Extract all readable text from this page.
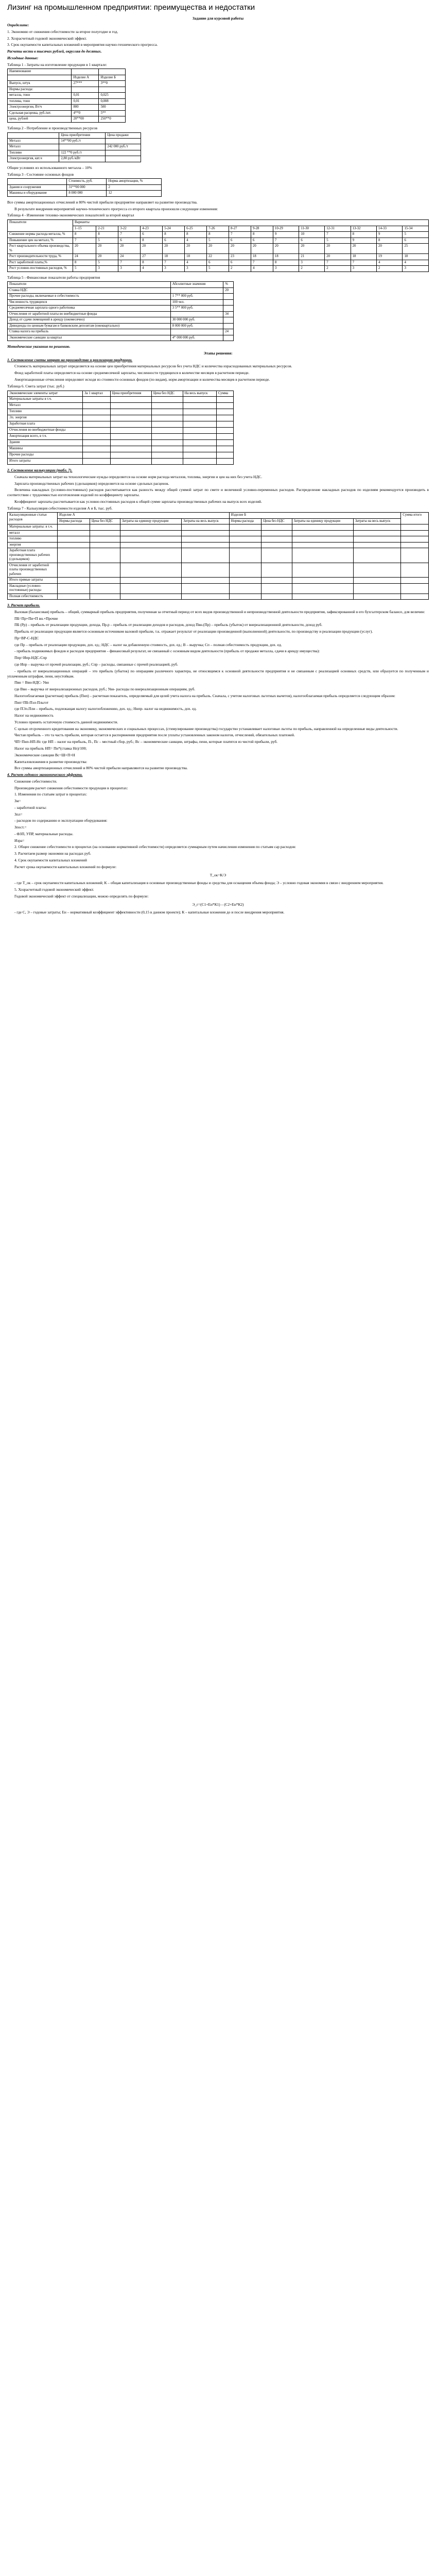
Лизинг на промышленном предприятии: преимущества и недостатки

Задание для курсовой работы

Определите:

1. Экономию от снижения себестоимости за второе полугодие и год.

2. Хозрасчетный годовой экономический эффект.

3. Срок окупаемости капитальных вложений в мероприятия научно-технического прогресса.

Расчеты вести в тысячах рублей, округляя до десятых.

Исходные данные:

Таблица 1 - Затраты на изготовление продукции в 1 квартале:

Наименование		
	Изделие А	Изделие Б
Выпуск, штук	27***	3**0
Нормы расхода:		
металла, тонн	0,01	0,025
топлива, тонн	0,01	0,008
Электроэнергии, Вт/ч	800	500
Сдельная расценка, руб./шт.	4**0	5**
цена, рублей	20**00	250**0

Таблица 2 - Потребление и производственных ресурсов

	Цена приобретения	Цена продажи
Металл	14**00 руб./т	
Металл		242 000 руб./т
Топливо	122 **0 руб./т	
Электроэнергия, квт.ч	2,80 руб./кВт	

Общие условиях из использованного металла – 10%

Таблица 3 - Состояние основных фондов

	Стоимость, руб.	Норма амортизации, %
Здания и сооружения	31**00 000	2
Машины и оборудование	8 000 000	12

Все суммы амортизационных отчислений и 80% чистой прибыли предприятие направляет на развитие производства.

В результате внедрения мероприятий научно-технического прогресса со второго квартала произошли следующие изменения:

Таблица 4 - Изменение технико-экономических показателей за второй квартал

Показатели	Варианты														
	1–15	2-21	3-22	4-23	5-24	6-25	7-26	8-27	9-28	10-29	11-30	12-31	13-32	14-33	15-34
Снижение нормы расхода металла, %	8	8	7	6	8	8	8	7	8	9	10	7	8	9	5
Повышение цен на металл, %	7	5	6	8	6	4	5	6	6	7	6	5	9	8	6
Рост квартального объема производства, %	20	20	20	20	20	20	20	20	20	20	20	20	20	20	25
Рост производительности труда, %	24	20	24	27	18	18	22	23	18	18	21	20	18	19	18
Рост заработной платы,%	8	5	7	8	7	4	6	6	7	8	3	7	7	4	4
Рост условно-постоянных расходов, %	5	3	3	4	3	3	5	2	4	3	2	2	3	2	3

Таблица 5 - Финансовые показатели работы предприятия

Показатели	Абсолютные значения	%
Ставка НДС		20
Прочие расходы, включаемые в себестоимость	1 7** 000 руб.	
Численность трудящихся	100 чел.	
Среднемесячная зарплата одного работника	3 5** 000 руб.	
Отчисления от заработной платы во внебюджетные фонды		34
Доход от сдачи помещений в аренду (ежемесячно)	30 000 000 руб.	
Дивиденды по ценным бумагам и банковским депозитам (ежеквартально)	8 000 000 руб.	
Ставка налога на прибыль		24
Экономические санкции за квартал	4* 000 000 руб.	

Методические указания по решению.

Этапы решения:

1. Составление сметы затрат на производство и реализацию продукции.

Стоимость материальных затрат определяется на основе цен приобретения материальных ресурсов без учета НДС и количества израсходованных материальных ресурсов.

Фонд заработной платы определяется на основе среднемесячной зарплаты, численности трудящихся в количестве месяцев в расчетном периоде.

Амортизационные отчисления определяют исходя из стоимости основных фондов (по видам), норм амортизации и количества месяцев в расчетном периоде.

Таблица 6. Смета затрат (тыс. руб.)

Экономические элементы затрат	За 1 квартал	Цена приобретения	Цена без НДС	На весь выпуск	Сумма
Материальные затраты в т.ч.					
Металл					
Топливо					
Эл. энергия					
Заработная плата					
Отчисления во внебюджетные фонды					
Амортизация всего, в т.ч.					
Здания					
Машины					
Прочие расходы					
Итого затраты					

2. Составление калькуляции (табл. 7).

Сначала материальных затрат на технологические нужды определяется на основе норм расхода металлов, топлива, энергии и цен на них без учета НДС.

Зарплата производственных рабочих (сдельщиков) определяется на основе сдельных расценок.

Величина накладных (условно-постоянных) расходов рассчитывается как разность между общей суммой затрат по смете и величиной условно-переменных расходов. Распределение накладных расходов по изделиям рекомендуется производить в соответствии с трудоемкостью изготовления изделий по коэффициенту зарплаты.

Коэффициент зарплаты рассчитывается как условно-постоянных расходов к общей сумме зарплаты производственных рабочих на выпуск всех изделий.

Таблица 7 - Калькуляция себестоимости изделия А и Б, тыс. руб.

Калькуляционные статьи расходов	Изделие А				Изделие Б				Сумма итого
	Нормы расхода	Цена без НДС	Затраты на единицу продукции	Затраты на весь выпуск	Нормы расхода	Цена без НДС	Затраты на единицу продукции	Затраты на весь выпуск	
Материальные затраты: в т.ч.									
металл									
топливо									
энергия									
Заработная плата производственных рабочих (сдельщиков)									
Отчисления от заработной платы производственных рабочих									
Итого прямые затраты									
Накладные (условно-постоянные) расходы									
Полная себестоимость									

3. Расчет прибыли.

Валовая (балансовая) прибыль – общий, суммарный прибыль предприятия, полученная за отчетный период от всех видов производственной и непроизводственной деятельности предприятия, зафиксированной в его бухгалтерском балансе, для величин:

ПБ=Пр+Пи+П вн.+Прочие

ПБ (Рр) – прибыль от реализации продукции, дохода, Пр.р – прибыль от реализации доходов и расходов, доход Пвн.(Пр) – прибыль (убыток) от внереализационной деятельности, доход руб.

Прибыль от реализации продукции является основным источником валовой прибыли, т.к. отражает результат от реализации произведенной (выполненной) деятельности, по производству и реализации продукции (услуг).

Пр=ВР-С-НДС

где Пр – прибыль от реализации продукции, дох. ед.; НДС – налог на добавленную стоимость, дох. ед.; В – выручка; Сп – полная себестоимость продукции, дох. ед.

- прибыль подвижимых фондов и расходов предприятия – финансовый результат, не связанный с основным видом деятельности (прибыль от продажи металла, сдачи в аренду имущества):

Ппр=Ипр-НДС-Спр

где Ипр – выручка от прочей реализации, руб.; Спр – расходы, связанные с прочей реализацией, руб.

- прибыль от внереализационных операций – это прибыль (убыток) по операциям различного характера, не относящимся к основной деятельности предприятия и не связанным с реализацией основных средств, или образуется по полученным и уплаченным штрафам, пени, неустойкам.

Пвн = Ввн-НДС- Увн

где Ввн – выручка от внереализационных расходов, руб.; Увн- расходы по внереализационным операциям, руб.

Налогооблагаемая (расчетная) прибыль (Пнп) – расчетная показатель, определяемый для целей учета налога на прибыль. Сначала, с учетом налоговых льготных вычетов), налогооблагаемая прибыль определяется следующим образом:

Пнп=ПБ-Пэл-Пльгот

где ПЭл.Пли – прибыль, подлежащая налогу налогообложению, дох. ед.; Ннпр- налог на недвижимость, дох. ед.

Налог на недвижимость

Условно принять остаточную стоимость данной недвижимости.

С целью отсроченного кредитования на экономику, экономических и социальных процессах, (стимулирование производства) государство устанавливает налоговые льготы по прибыль, направленной на определенные виды деятельности.

Чистая прибыль – это та часть прибыли, которая остается в распоряжении предприятия после уплаты установленных законом налогов, отчислений, обязательных платежей.

ЧП=Пнп-НП-Нс где НП – налог на прибыль, П-, Пс – местный сбор, руб.; Вс – экономические санкции, штрафы, пени, которые платятся из чистой прибыли, руб.

Налог на прибыль НП= Пн*(ставка Нп)/100;

Экономические санкции Вс=Ш+П+Н

Капиталовложения в развитие производства:

Все суммы амортизационных отчислений и 80% чистой прибыли направляются на развитие производства.

4. Расчет годового экономического эффекта.

Снижение себестоимости.

Производим расчет снижения себестоимости продукции в процентах:

1. Изменения по статьям затрат в процентах:

Зм=

- заработной платы:

Зпл=

- расходов по содержанию и эксплуатации оборудования:

Зпост.=

- ФЗП, УПР, материальные расходы.

Изра=

2. Общее снижение себестоимости в процентах (на основании нормативной себестоимости) определяется суммарным путем начисления изменения по статьям сар расходов:

3. Расчитаем размер экономии на расходах руб.

4. Срок окупаемости капитальных вложений

Расчет срока окупаемости капитальных вложений по формуле:

Т_ок=К/Э

- где Т_ок – срок окупаемости капитальных вложений; К – общая капитализация в основные производственные фонды и средства для оснащения объема фонда; Э – условно годовая экономия в связи с внедрением мероприятия.

5. Хозрасчетный годовой экономический эффект.

Годовой экономический эффект от специализации, можно определять по формуле:

Э_г=(С1+Ен*К1) – (С2+Ен*К2)

- где С, Э – годовые затраты; Ен – нормативный коэффициент эффективности (0,15 в данном проекте); К – капитальные вложения до и после внедрения мероприятия.
